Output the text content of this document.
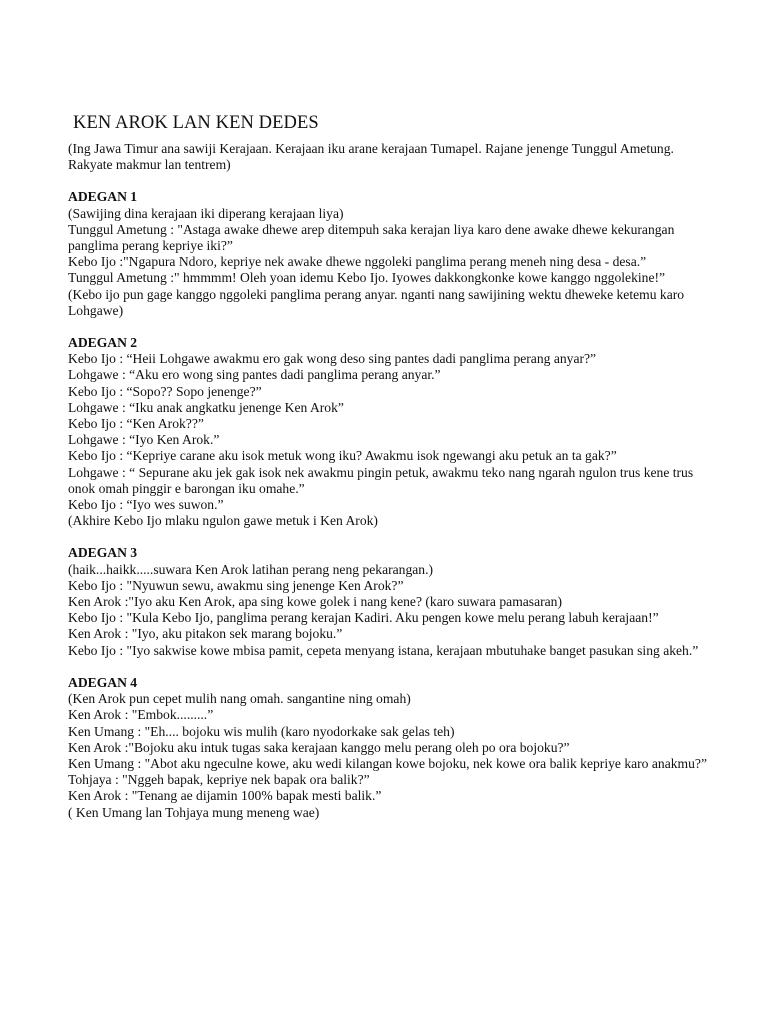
KEN AROK LAN KEN DEDES

(Ing Jawa Timur ana sawiji Kerajaan. Kerajaan iku arane kerajaan Tumapel. Rajane jenenge Tunggul Ametung. Rakyate makmur lan tentrem)

ADEGAN 1

(Sawijing dina kerajaan iki diperang kerajaan liya)

Tunggul Ametung : "Astaga awake dhewe arep ditempuh saka kerajan liya karo dene awake dhewe kekurangan panglima perang kepriye iki?”

Kebo Ijo :"Ngapura Ndoro, kepriye nek awake dhewe nggoleki panglima perang meneh ning desa - desa.”

Tunggul Ametung :" hmmmm! Oleh yoan idemu Kebo Ijo. Iyowes dakkongkonke kowe kanggo nggolekine!”

(Kebo ijo pun gage kanggo nggoleki panglima perang anyar. nganti nang sawijining wektu dheweke ketemu karo Lohgawe)

ADEGAN 2

Kebo Ijo : “Heii Lohgawe awakmu ero gak wong deso sing pantes dadi panglima perang anyar?”

Lohgawe : “Aku ero wong sing pantes dadi panglima perang anyar.”

Kebo Ijo : “Sopo?? Sopo jenenge?”

Lohgawe : “Iku anak angkatku jenenge Ken Arok”

Kebo Ijo : “Ken Arok??”

Lohgawe : “Iyo Ken Arok.”

Kebo Ijo : “Kepriye carane aku isok metuk wong iku? Awakmu isok ngewangi aku petuk an ta gak?”

Lohgawe : “ Sepurane aku jek gak isok nek awakmu pingin petuk, awakmu teko nang ngarah ngulon trus kene trus onok omah pinggir e barongan iku omahe.”

Kebo Ijo : “Iyo wes suwon.”

(Akhire Kebo Ijo mlaku ngulon gawe metuk i Ken Arok)

ADEGAN 3

(haik...haikk.....suwara Ken Arok latihan perang neng pekarangan.)

Kebo Ijo : "Nyuwun sewu, awakmu sing jenenge Ken Arok?”

Ken Arok :"Iyo aku Ken Arok, apa sing kowe golek i nang kene? (karo suwara pamasaran)

Kebo Ijo : "Kula Kebo Ijo, panglima perang kerajan Kadiri. Aku pengen kowe melu perang labuh kerajaan!”

Ken Arok : "Iyo, aku pitakon sek marang bojoku.”

Kebo Ijo : "Iyo sakwise kowe mbisa pamit, cepeta menyang istana, kerajaan mbutuhake banget pasukan sing akeh.”

ADEGAN 4

(Ken Arok pun cepet mulih nang omah. sangantine ning omah)

Ken Arok : "Embok.........”

Ken Umang : "Eh.... bojoku wis mulih (karo nyodorkake sak gelas teh)

Ken Arok :"Bojoku aku intuk tugas saka kerajaan kanggo melu perang oleh po ora bojoku?”

Ken Umang : "Abot aku ngeculne kowe, aku wedi kilangan kowe bojoku, nek kowe ora balik kepriye karo anakmu?”

Tohjaya : "Nggeh bapak, kepriye nek bapak ora balik?”

Ken Arok : "Tenang ae dijamin 100% bapak mesti balik.”

( Ken Umang lan Tohjaya mung meneng wae)
